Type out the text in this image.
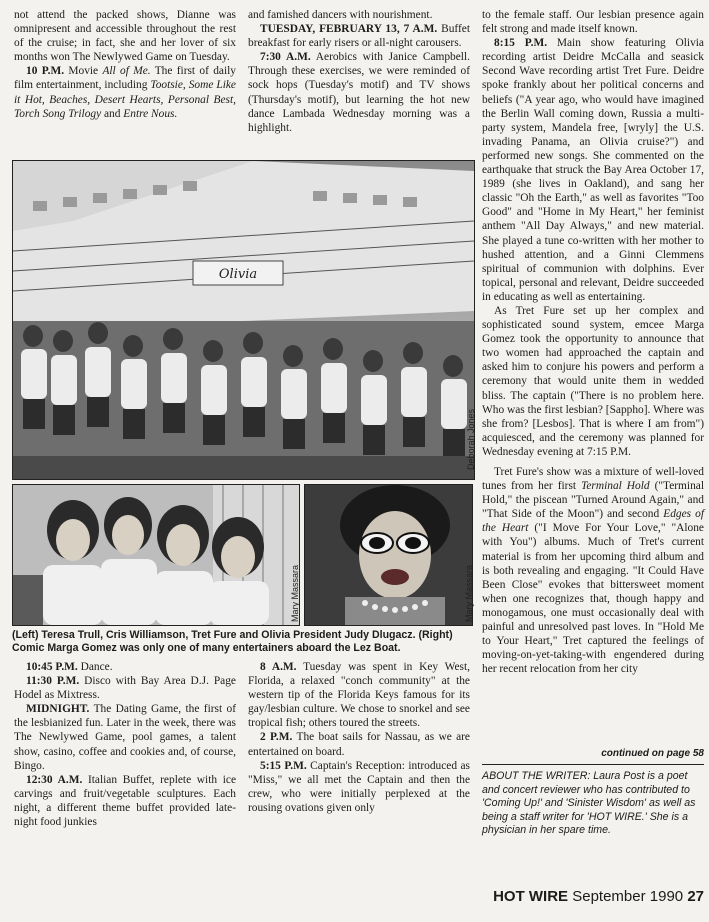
not attend the packed shows, Dianne was omnipresent and accessible throughout the rest of the cruise; in fact, she and her lover of six months won The Newlywed Game on Tuesday.

10 P.M. Movie All of Me. The first of daily film entertainment, including Tootsie, Some Like it Hot, Beaches, Desert Hearts, Personal Best, Torch Song Trilogy and Entre Nous.

and famished dancers with nourishment.

TUESDAY, FEBRUARY 13, 7 A.M. Buffet breakfast for early risers or all-night carousers.

7:30 A.M. Aerobics with Janice Campbell. Through these exercises, we were reminded of sock hops (Tuesday's motif) and TV shows (Thursday's motif), but learning the hot new dance Lambada Wednesday morning was a highlight.

to the female staff. Our lesbian presence again felt strong and made itself known.

8:15 P.M. Main show featuring Olivia recording artist Deidre McCalla and seasick Second Wave recording artist Tret Fure. Deidre spoke frankly about her political concerns and beliefs ("A year ago, who would have imagined the Berlin Wall coming down, Russia a multi-party system, Mandela free, [wryly] the U.S. invading Panama, an Olivia cruise?") and performed new songs. She commented on the earthquake that struck the Bay Area October 17, 1989 (she lives in Oakland), and sang her classic "Oh the Earth," as well as favorites "Too Good" and "Home in My Heart," her feminist anthem "All Day Always," and new material. She played a tune co-written with her mother to hushed attention, and a Ginni Clemmens spiritual of communion with dolphins. Ever topical, personal and relevant, Deidre succeeded in educating as well as entertaining.

As Tret Fure set up her complex and sophisticated sound system, emcee Marga Gomez took the opportunity to announce that two women had approached the captain and asked him to conjure his powers and perform a ceremony that would unite them in wedded bliss. The captain ("There is no problem here. Who was the first lesbian? [Sappho]. Where was she from? [Lesbos]. That is where I am from") acquiesced, and the ceremony was planned for Wednesday evening at 7:15 P.M.

Tret Fure's show was a mixture of well-loved tunes from her first Terminal Hold ("Terminal Hold," the piscean "Turned Around Again," and "That Side of the Moon") and second Edges of the Heart ("I Move For Your Love," "Alone with You") albums. Much of Tret's current material is from her upcoming third album and is both revealing and engaging. "It Could Have Been Close" evokes that bittersweet moment when one recognizes that, though happy and monogamous, one must occasionally deal with painful and unresolved past loves. In "Hold Me to Your Heart," Tret captured the feelings of moving-on-yet-taking-with engendered during her recent relocation from her city

Olivia
Deborah Jones
Mary Massara	Mary Massara
(Left) Teresa Trull, Cris Williamson, Tret Fure and Olivia President Judy Dlugacz. (Right) Comic Marga Gomez was only one of many entertainers aboard the Lez Boat.

10:45 P.M. Dance.

11:30 P.M. Disco with Bay Area D.J. Page Hodel as Mixtress.

MIDNIGHT. The Dating Game, the first of the lesbianized fun. Later in the week, there was The Newlywed Game, pool games, a talent show, casino, coffee and cookies and, of course, Bingo.

12:30 A.M. Italian Buffet, replete with ice carvings and fruit/vegetable sculptures. Each night, a different theme buffet provided late-night food junkies

8 A.M. Tuesday was spent in Key West, Florida, a relaxed "conch community" at the western tip of the Florida Keys famous for its gay/lesbian culture. We chose to snorkel and see tropical fish; others toured the streets.

2 P.M. The boat sails for Nassau, as we are entertained on board.

5:15 P.M. Captain's Reception: introduced as "Miss," we all met the Captain and then the crew, who were initially perplexed at the rousing ovations given only

continued on page 58
ABOUT THE WRITER: Laura Post is a poet and concert reviewer who has contributed to 'Coming Up!' and 'Sinister Wisdom' as well as being a staff writer for 'HOT WIRE.' She is a physician in her spare time.
HOT WIRE September 1990 27
